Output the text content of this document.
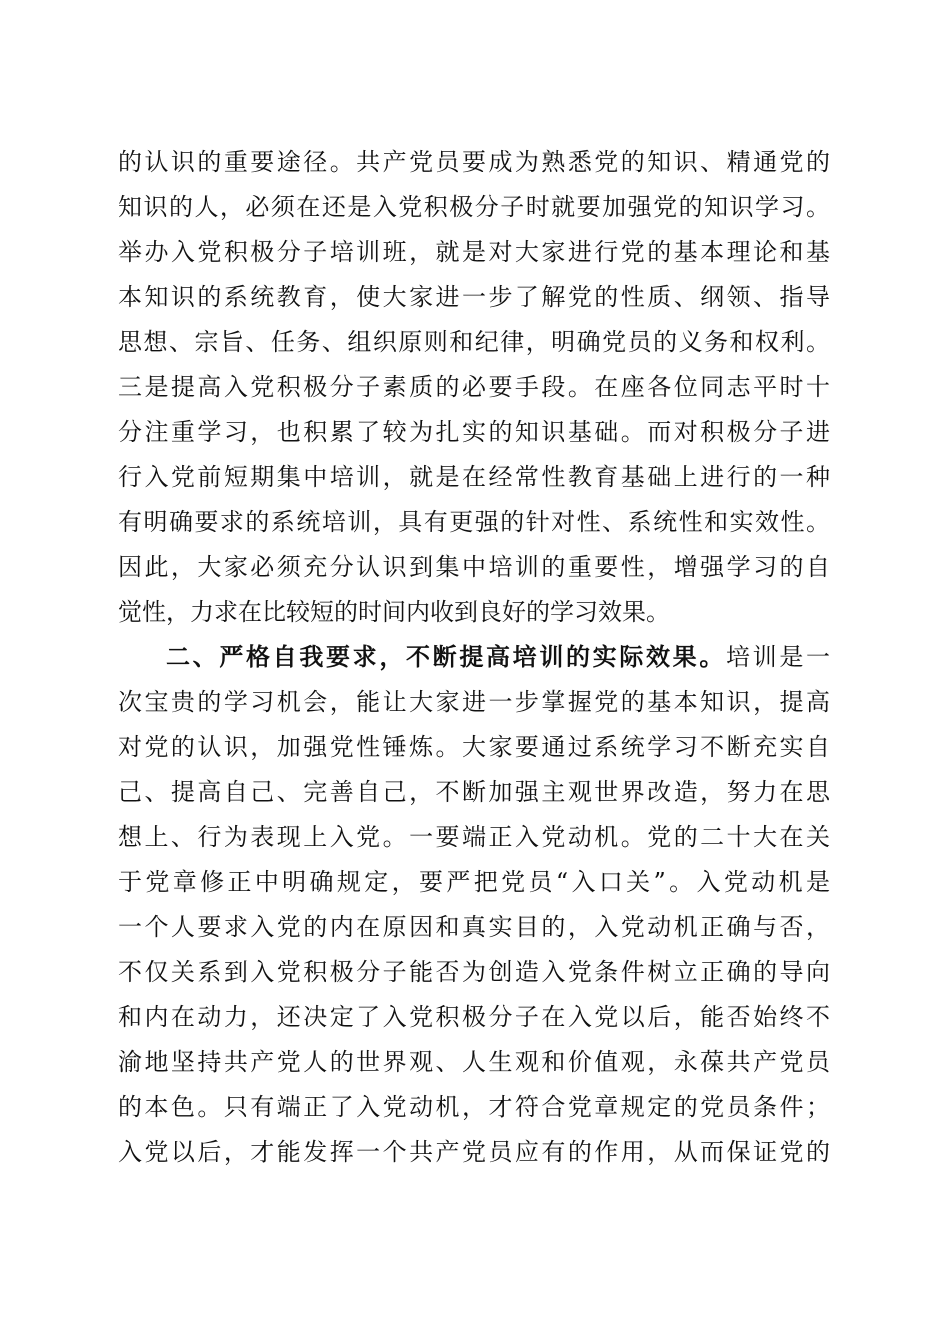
的认识的重要途径。共产党员要成为熟悉党的知识、精通党的
知识的人，必须在还是入党积极分子时就要加强党的知识学习。
举办入党积极分子培训班，就是对大家进行党的基本理论和基
本知识的系统教育，使大家进一步了解党的性质、纲领、指导
思想、宗旨、任务、组织原则和纪律，明确党员的义务和权利。
三是提高入党积极分子素质的必要手段。在座各位同志平时十
分注重学习，也积累了较为扎实的知识基础。而对积极分子进
行入党前短期集中培训，就是在经常性教育基础上进行的一种
有明确要求的系统培训，具有更强的针对性、系统性和实效性。
因此，大家必须充分认识到集中培训的重要性，增强学习的自
觉性，力求在比较短的时间内收到良好的学习效果。
二、严格自我要求，不断提高培训的实际效果。培训是一
次宝贵的学习机会，能让大家进一步掌握党的基本知识，提高
对党的认识，加强党性锤炼。大家要通过系统学习不断充实自
己、提高自己、完善自己，不断加强主观世界改造，努力在思
想上、行为表现上入党。一要端正入党动机。党的二十大在关
于党章修正中明确规定，要严把党员“入口关”。入党动机是
一个人要求入党的内在原因和真实目的，入党动机正确与否，
不仅关系到入党积极分子能否为创造入党条件树立正确的导向
和内在动力，还决定了入党积极分子在入党以后，能否始终不
渝地坚持共产党人的世界观、人生观和价值观，永葆共产党员
的本色。只有端正了入党动机，才符合党章规定的党员条件；
入党以后，才能发挥一个共产党员应有的作用，从而保证党的
